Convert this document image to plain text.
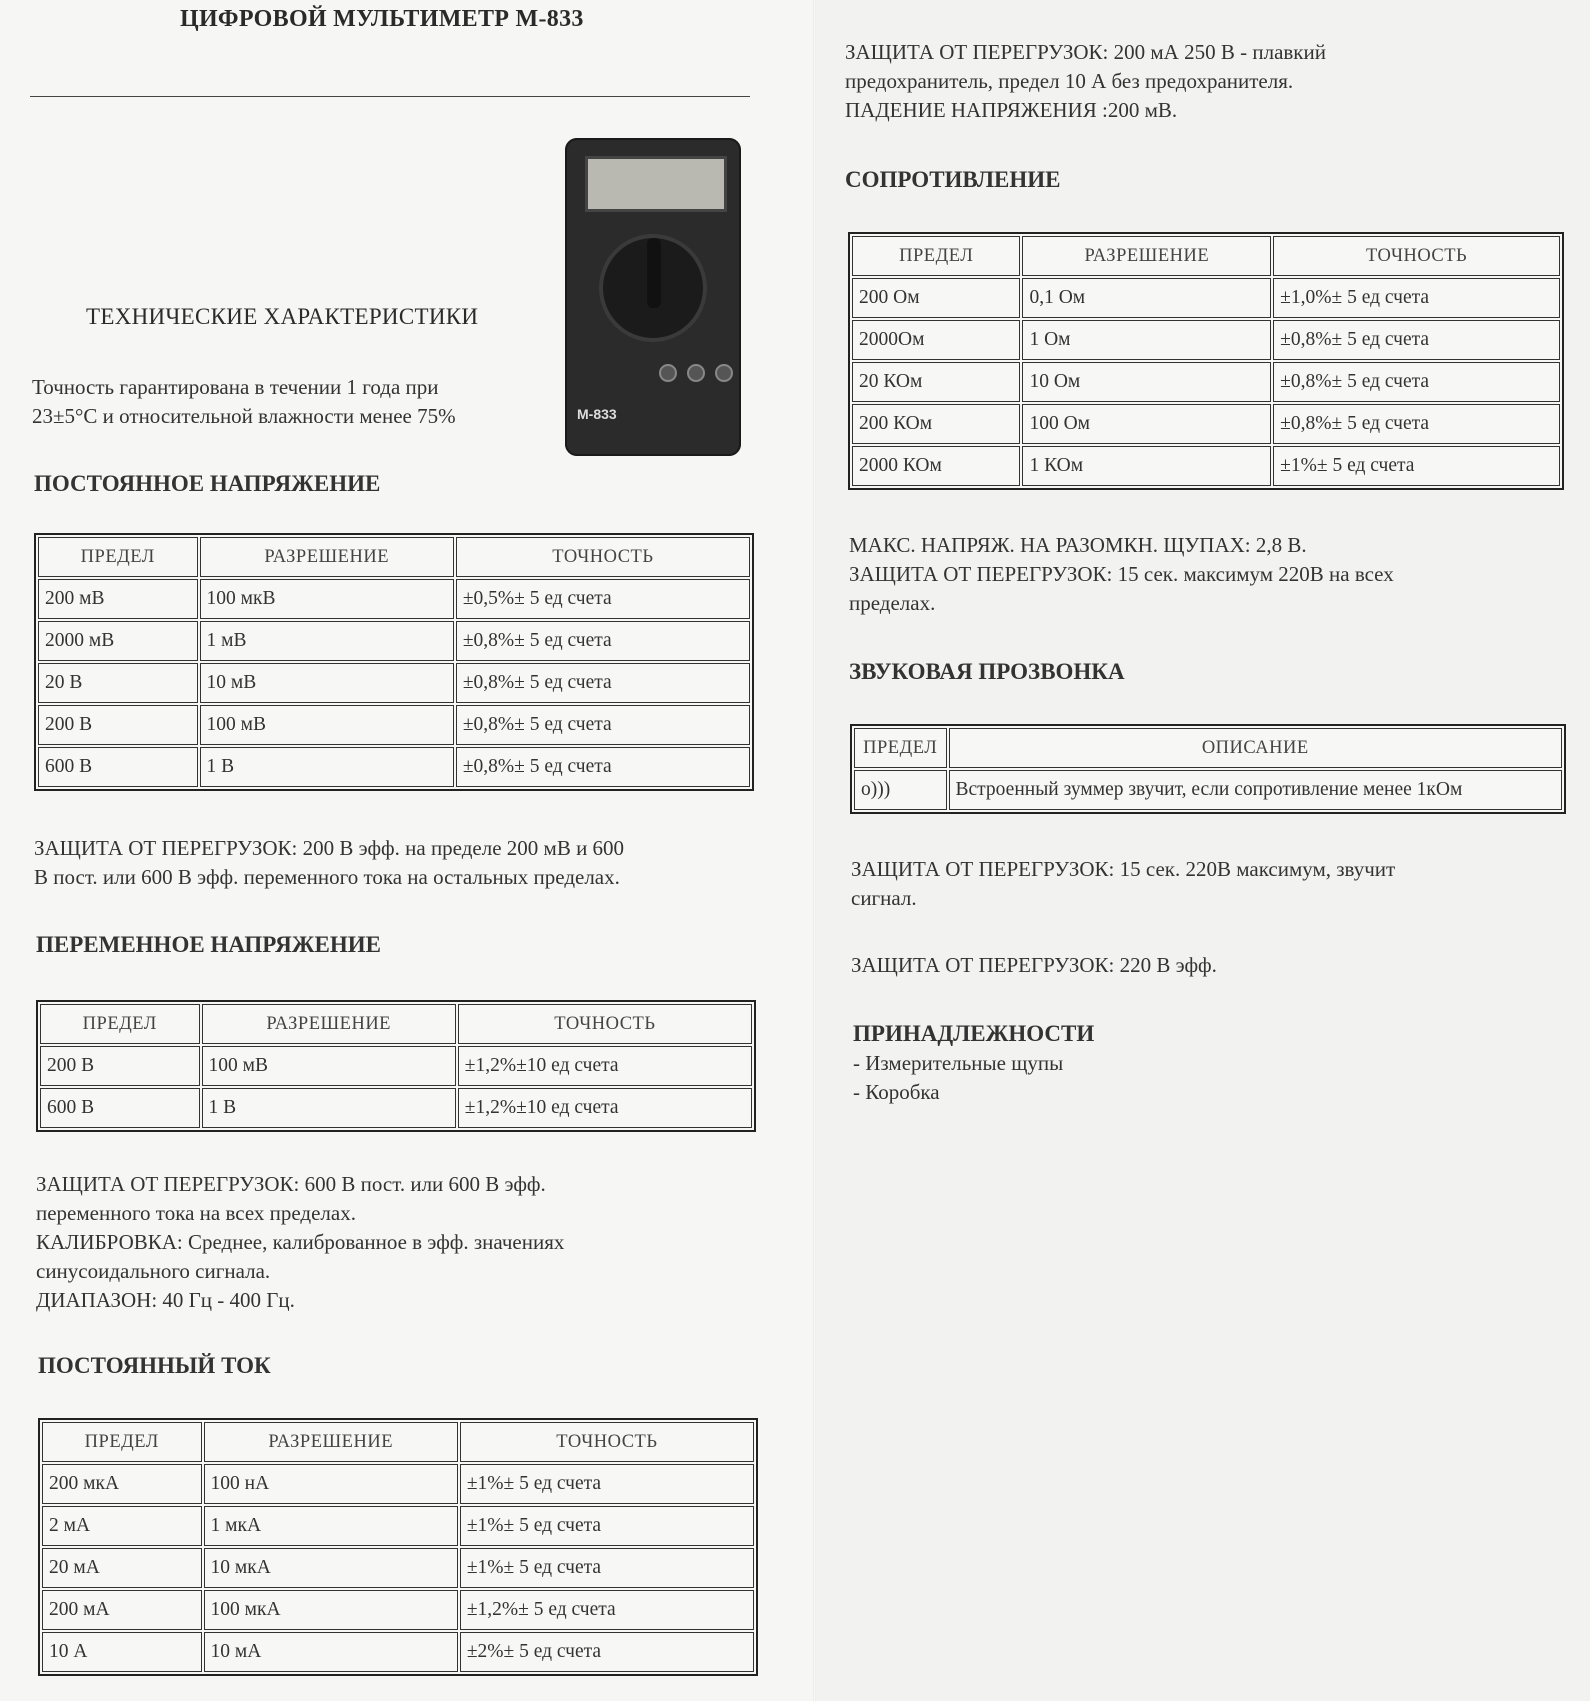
ЦИФРОВОЙ МУЛЬТИМЕТР М-833
M-833
ТЕХНИЧЕСКИЕ ХАРАКТЕРИСТИКИ
Точность гарантирована в течении 1 года при
23±5°С и относительной влажности менее 75%
ПОСТОЯННОЕ НАПРЯЖЕНИЕ
ПРЕДЕЛ	РАЗРЕШЕНИЕ	ТОЧНОСТЬ
200 мВ	100 мкВ	±0,5%± 5 ед счета
2000 мВ	1 мВ	±0,8%± 5 ед счета
20 В	10 мВ	±0,8%± 5 ед счета
200 В	100 мВ	±0,8%± 5 ед счета
600 В	1 В	±0,8%± 5 ед счета
ЗАЩИТА ОТ ПЕРЕГРУЗОК: 200 В эфф. на пределе 200 мВ и 600
В пост. или 600 В эфф. переменного тока на остальных пределах.
ПЕРЕМЕННОЕ НАПРЯЖЕНИЕ
ПРЕДЕЛ	РАЗРЕШЕНИЕ	ТОЧНОСТЬ
200 В	100 мВ	±1,2%±10 ед счета
600 В	1 В	±1,2%±10 ед счета
ЗАЩИТА ОТ ПЕРЕГРУЗОК: 600 В пост. или 600 В эфф.
переменного тока на всех пределах.
КАЛИБРОВКА: Среднее, калиброванное в эфф. значениях
синусоидального сигнала.
ДИАПАЗОН: 40 Гц - 400 Гц.
ПОСТОЯННЫЙ ТОК
ПРЕДЕЛ	РАЗРЕШЕНИЕ	ТОЧНОСТЬ
200 мкА	100 нА	±1%± 5 ед счета
2 мА	1 мкА	±1%± 5 ед счета
20 мА	10 мкА	±1%± 5 ед счета
200 мА	100 мкА	±1,2%± 5 ед счета
10 А	10 мА	±2%± 5 ед счета
ЗАЩИТА ОТ ПЕРЕГРУЗОК: 200 мА 250 В - плавкий
предохранитель, предел 10 А без предохранителя.
ПАДЕНИЕ НАПРЯЖЕНИЯ :200 мВ.
СОПРОТИВЛЕНИЕ
ПРЕДЕЛ	РАЗРЕШЕНИЕ	ТОЧНОСТЬ
200 Ом	0,1 Ом	±1,0%± 5 ед счета
2000Ом	1 Ом	±0,8%± 5 ед счета
20 КОм	10 Ом	±0,8%± 5 ед счета
200 КОм	100 Ом	±0,8%± 5 ед счета
2000 КОм	1 КОм	±1%± 5 ед счета
МАКС. НАПРЯЖ. НА РАЗОМКН. ЩУПАХ: 2,8 В.
ЗАЩИТА ОТ ПЕРЕГРУЗОК: 15 сек. максимум 220В на всех
пределах.
ЗВУКОВАЯ ПРОЗВОНКА
ПРЕДЕЛ	ОПИСАНИЕ
o)))	Встроенный зуммер звучит, если сопротивление менее 1кОм
ЗАЩИТА ОТ ПЕРЕГРУЗОК: 15 сек. 220В максимум, звучит
сигнал.
ЗАЩИТА ОТ ПЕРЕГРУЗОК: 220 В эфф.
ПРИНАДЛЕЖНОСТИ
- Измерительные щупы
- Коробка
